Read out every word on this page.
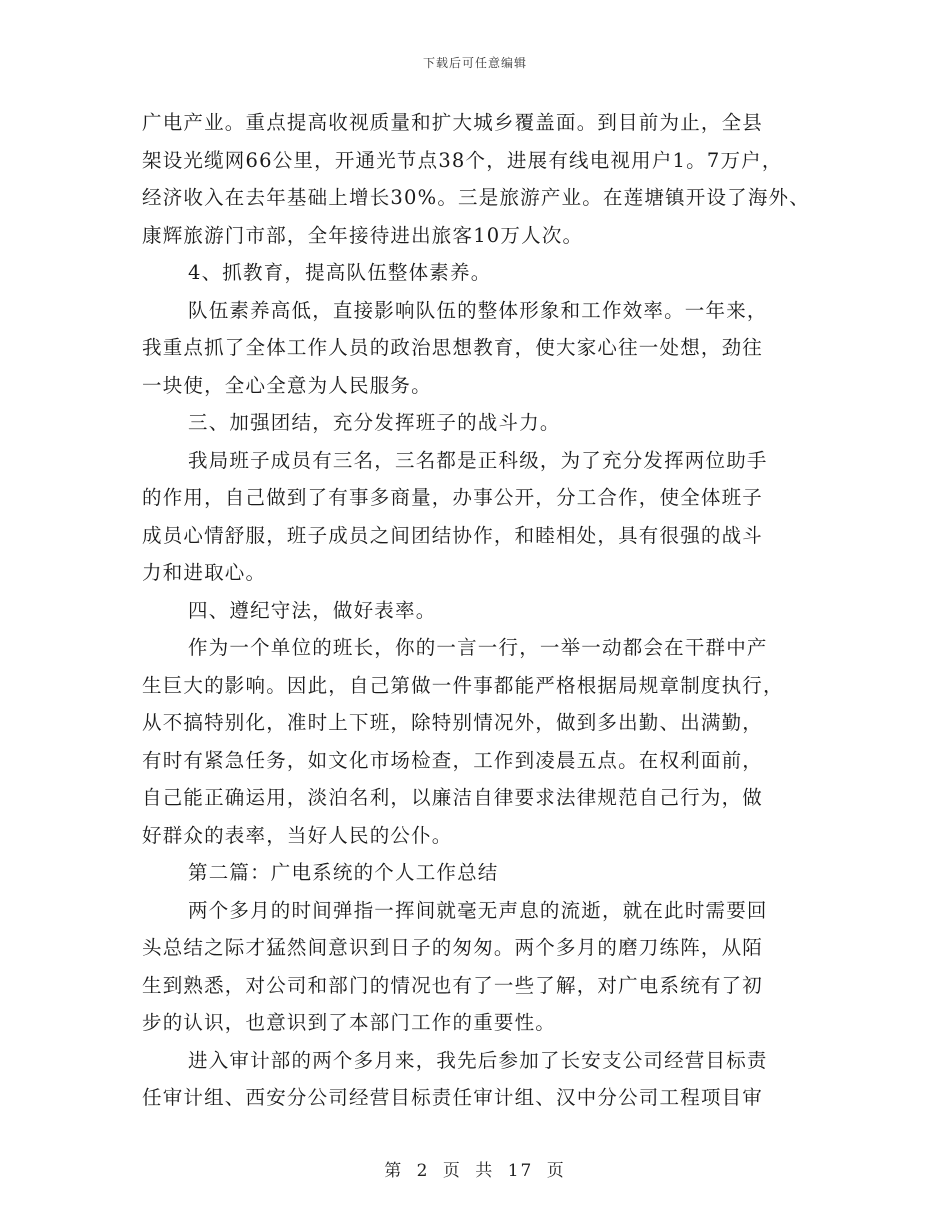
下载后可任意编辑
广电产业。重点提高收视质量和扩大城乡覆盖面。到目前为止，全县
架设光缆网66公里，开通光节点38个，进展有线电视用户1。7万户，
经济收入在去年基础上增长30%。三是旅游产业。在莲塘镇开设了海外、
康辉旅游门市部，全年接待进出旅客10万人次。
4、抓教育，提高队伍整体素养。
队伍素养高低，直接影响队伍的整体形象和工作效率。一年来，
我重点抓了全体工作人员的政治思想教育，使大家心往一处想，劲往
一块使，全心全意为人民服务。
三、加强团结，充分发挥班子的战斗力。
我局班子成员有三名，三名都是正科级，为了充分发挥两位助手
的作用，自己做到了有事多商量，办事公开，分工合作，使全体班子
成员心情舒服，班子成员之间团结协作，和睦相处，具有很强的战斗
力和进取心。
四、遵纪守法，做好表率。
作为一个单位的班长，你的一言一行，一举一动都会在干群中产
生巨大的影响。因此，自己第做一件事都能严格根据局规章制度执行，
从不搞特别化，准时上下班，除特别情况外，做到多出勤、出满勤，
有时有紧急任务，如文化市场检查，工作到凌晨五点。在权利面前，
自己能正确运用，淡泊名利，以廉洁自律要求法律规范自己行为，做
好群众的表率，当好人民的公仆。
第二篇：广电系统的个人工作总结
两个多月的时间弹指一挥间就毫无声息的流逝，就在此时需要回
头总结之际才猛然间意识到日子的匆匆。两个多月的磨刀练阵，从陌
生到熟悉，对公司和部门的情况也有了一些了解，对广电系统有了初
步的认识，也意识到了本部门工作的重要性。
进入审计部的两个多月来，我先后参加了长安支公司经营目标责
任审计组、西安分公司经营目标责任审计组、汉中分公司工程项目审
第 2 页 共 17 页
